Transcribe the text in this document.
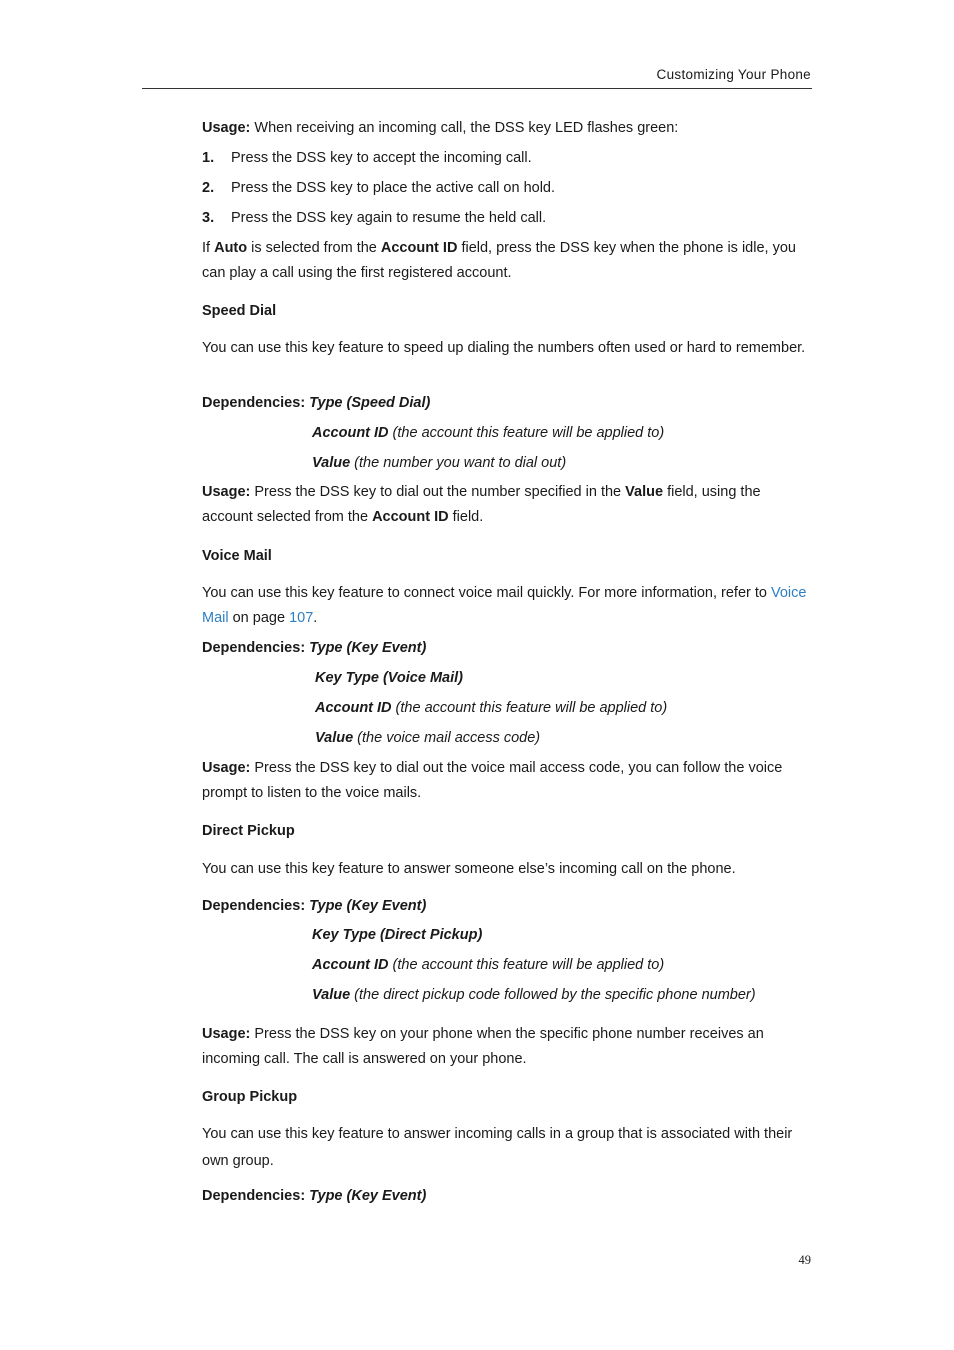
Customizing Your Phone
Usage: When receiving an incoming call, the DSS key LED flashes green:
1. Press the DSS key to accept the incoming call.
2. Press the DSS key to place the active call on hold.
3. Press the DSS key again to resume the held call.
If Auto is selected from the Account ID field, press the DSS key when the phone is idle, you can play a call using the first registered account.
Speed Dial
You can use this key feature to speed up dialing the numbers often used or hard to remember.
Dependencies: Type (Speed Dial)
Account ID (the account this feature will be applied to)
Value (the number you want to dial out)
Usage: Press the DSS key to dial out the number specified in the Value field, using the account selected from the Account ID field.
Voice Mail
You can use this key feature to connect voice mail quickly. For more information, refer to Voice Mail on page 107.
Dependencies: Type (Key Event)
Key Type (Voice Mail)
Account ID (the account this feature will be applied to)
Value (the voice mail access code)
Usage: Press the DSS key to dial out the voice mail access code, you can follow the voice prompt to listen to the voice mails.
Direct Pickup
You can use this key feature to answer someone else’s incoming call on the phone.
Dependencies: Type (Key Event)
Key Type (Direct Pickup)
Account ID (the account this feature will be applied to)
Value (the direct pickup code followed by the specific phone number)
Usage: Press the DSS key on your phone when the specific phone number receives an incoming call. The call is answered on your phone.
Group Pickup
You can use this key feature to answer incoming calls in a group that is associated with their own group.
Dependencies: Type (Key Event)
49
